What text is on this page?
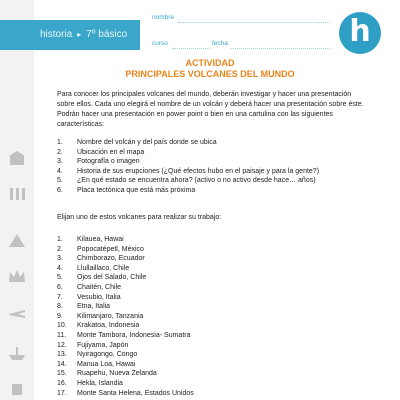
historia ▸ 7º básico
nombre
curso	fecha	h
ACTIVIDAD
PRINCIPALES VOLCANES DEL MUNDO

Para conocer los principales volcanes del mundo, deberán investigar y hacer una presentación
sobre ellos. Cada uno elegirá el nombre de un volcán y deberá hacer una presentación sobre éste.
Podrán hacer una presentación en power point o bien en una cartulina con las siguientes
características:

1. Nombre del volcán y del país donde se ubica
2. Ubicación en el mapa
3. Fotografía o imagen
4. Historia de sus erupciones (¿Qué efectos hubo en el paisaje y para la gente?)
5. ¿En qué estado se encuentra ahora? (activo o no activo desde hace… años)
6. Placa tectónica que está más próxima

Elijan uno de estos volcanes para realizar su trabajo:

1. Kilauea, Hawai
2. Popocatépetl, México
3. Chimborazo, Ecuador
4. Llullaillaco, Chile
5. Ojos del Salado, Chile
6. Chaitén, Chile
7. Vesubio, Italia
8. Etna, Italia
9. Kilimanjaro, Tanzania
10. Krakatoa, Indonesia
11. Monte Tambora, Indonesia- Sumatra
12. Fujiyama, Japón
13. Nyiragongo, Congo
14. Manua Loa, Hawai
15. Ruapehu, Nueva Zelanda
16. Hekla, Islandia
17. Monte Santa Helena, Estados Unidos
